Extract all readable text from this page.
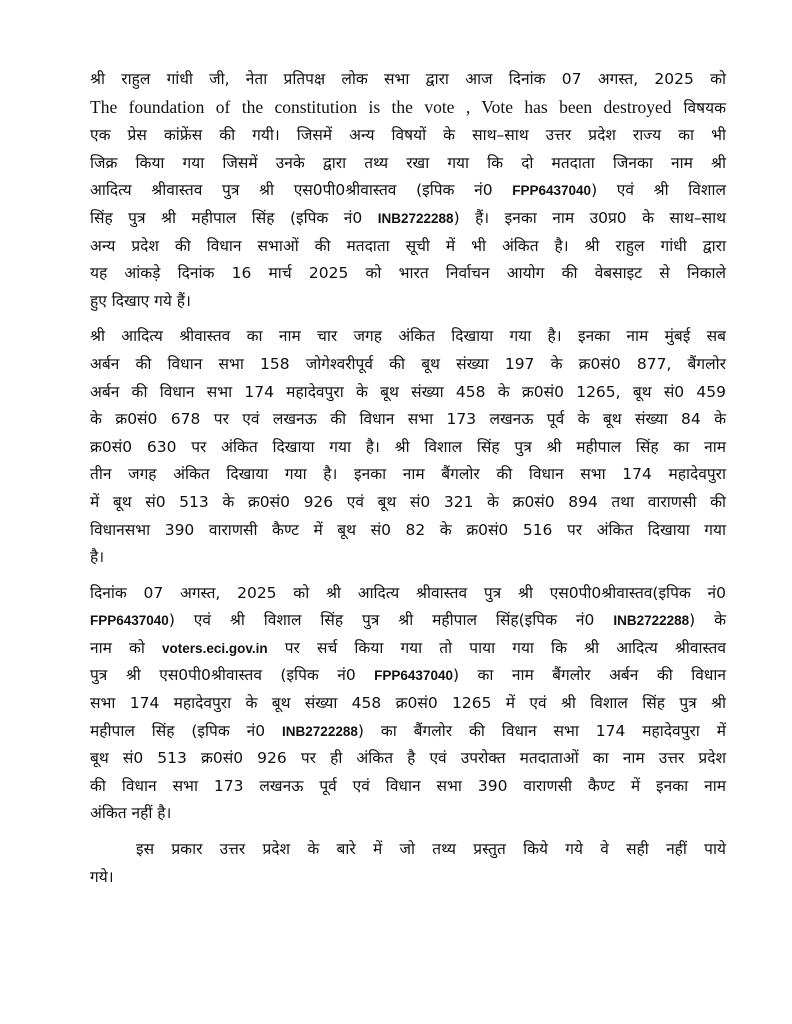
श्री राहुल गांधी जी, नेता प्रतिपक्ष लोक सभा द्वारा आज दिनांक 07 अगस्त, 2025 को
The foundation of the constitution is the vote , Vote has been destroyed विषयक
एक प्रेस कांफ्रेंस की गयी। जिसमें अन्य विषयों के साथ–साथ उत्तर प्रदेश राज्य का भी
जिक्र किया गया जिसमें उनके द्वारा तथ्य रखा गया कि दो मतदाता जिनका नाम श्री
आदित्य श्रीवास्तव पुत्र श्री एस0पी0श्रीवास्तव (इपिक नं0 FPP6437040) एवं श्री विशाल
सिंह पुत्र श्री महीपाल सिंह (इपिक नं0 INB2722288) हैं। इनका नाम उ0प्र0 के साथ–साथ
अन्य प्रदेश की विधान सभाओं की मतदाता सूची में भी अंकित है। श्री राहुल गांधी द्वारा
यह आंकड़े दिनांक 16 मार्च 2025 को भारत निर्वाचन आयोग की वेबसाइट से निकाले
हुए दिखाए गये हैं।
श्री आदित्य श्रीवास्तव का नाम चार जगह अंकित दिखाया गया है। इनका नाम मुंबई सब
अर्बन की विधान सभा 158 जोगेश्वरीपूर्व की बूथ संख्या 197 के क्र0सं0 877, बैंगलोर
अर्बन की विधान सभा 174 महादेवपुरा के बूथ संख्या 458 के क्र0सं0 1265, बूथ सं0 459
के क्र0सं0 678 पर एवं लखनऊ की विधान सभा 173 लखनऊ पूर्व के बूथ संख्या 84 के
क्र0सं0 630 पर अंकित दिखाया गया है। श्री विशाल सिंह पुत्र श्री महीपाल सिंह का नाम
तीन जगह अंकित दिखाया गया है। इनका नाम बैंगलोर की विधान सभा 174 महादेवपुरा
में बूथ सं0 513 के क्र0सं0 926 एवं बूथ सं0 321 के क्र0सं0 894 तथा वाराणसी की
विधानसभा 390 वाराणसी कैण्ट में बूथ सं0 82 के क्र0सं0 516 पर अंकित दिखाया गया
है।
दिनांक 07 अगस्त, 2025 को श्री आदित्य श्रीवास्तव पुत्र श्री एस0पी0श्रीवास्तव(इपिक नं0
FPP6437040) एवं श्री विशाल सिंह पुत्र श्री महीपाल सिंह(इपिक नं0 INB2722288) के
नाम को voters.eci.gov.in पर सर्च किया गया तो पाया गया कि श्री आदित्य श्रीवास्तव
पुत्र श्री एस0पी0श्रीवास्तव (इपिक नं0 FPP6437040) का नाम बैंगलोर अर्बन की विधान
सभा 174 महादेवपुरा के बूथ संख्या 458 क्र0सं0 1265 में एवं श्री विशाल सिंह पुत्र श्री
महीपाल सिंह (इपिक नं0 INB2722288) का बैंगलोर की विधान सभा 174 महादेवपुरा में
बूथ सं0 513 क्र0सं0 926 पर ही अंकित है एवं उपरोक्त मतदाताओं का नाम उत्तर प्रदेश
की विधान सभा 173 लखनऊ पूर्व एवं विधान सभा 390 वाराणसी कैण्ट में इनका नाम
अंकित नहीं है।
इस प्रकार उत्तर प्रदेश के बारे में जो तथ्य प्रस्तुत किये गये वे सही नहीं पाये
गये।
